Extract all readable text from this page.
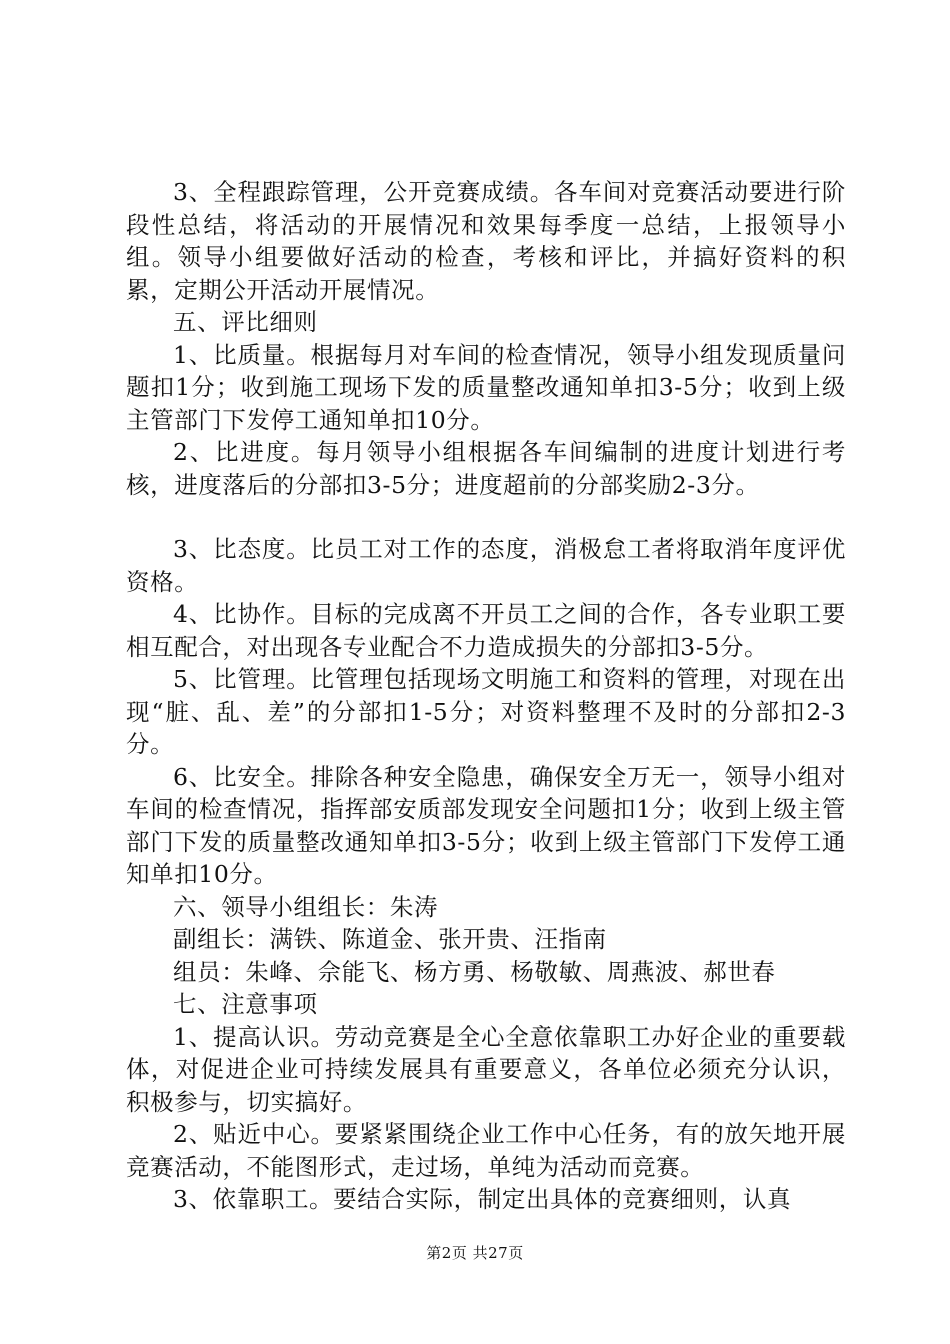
3、全程跟踪管理，公开竞赛成绩。各车间对竞赛活动要进行阶段性总结，将活动的开展情况和效果每季度一总结，上报领导小组。领导小组要做好活动的检查，考核和评比，并搞好资料的积累，定期公开活动开展情况。

五、评比细则

1、比质量。根据每月对车间的检查情况，领导小组发现质量问题扣1分；收到施工现场下发的质量整改通知单扣3-5分；收到上级主管部门下发停工通知单扣10分。

2、比进度。每月领导小组根据各车间编制的进度计划进行考核，进度落后的分部扣3-5分；进度超前的分部奖励2-3分。

3、比态度。比员工对工作的态度，消极怠工者将取消年度评优资格。

4、比协作。目标的完成离不开员工之间的合作，各专业职工要相互配合，对出现各专业配合不力造成损失的分部扣3-5分。

5、比管理。比管理包括现场文明施工和资料的管理，对现在出现“脏、乱、差”的分部扣1-5分；对资料整理不及时的分部扣2-3分。

6、比安全。排除各种安全隐患，确保安全万无一，领导小组对车间的检查情况，指挥部安质部发现安全问题扣1分；收到上级主管部门下发的质量整改通知单扣3-5分；收到上级主管部门下发停工通知单扣10分。

六、领导小组组长：朱涛

副组长：满铁、陈道金、张开贵、汪指南

组员：朱峰、佘能飞、杨方勇、杨敬敏、周燕波、郝世春

七、注意事项

1、提高认识。劳动竞赛是全心全意依靠职工办好企业的重要载体，对促进企业可持续发展具有重要意义，各单位必须充分认识，积极参与，切实搞好。

2、贴近中心。要紧紧围绕企业工作中心任务，有的放矢地开展竞赛活动，不能图形式，走过场，单纯为活动而竞赛。

3、依靠职工。要结合实际，制定出具体的竞赛细则，认真

第2页 共27页
